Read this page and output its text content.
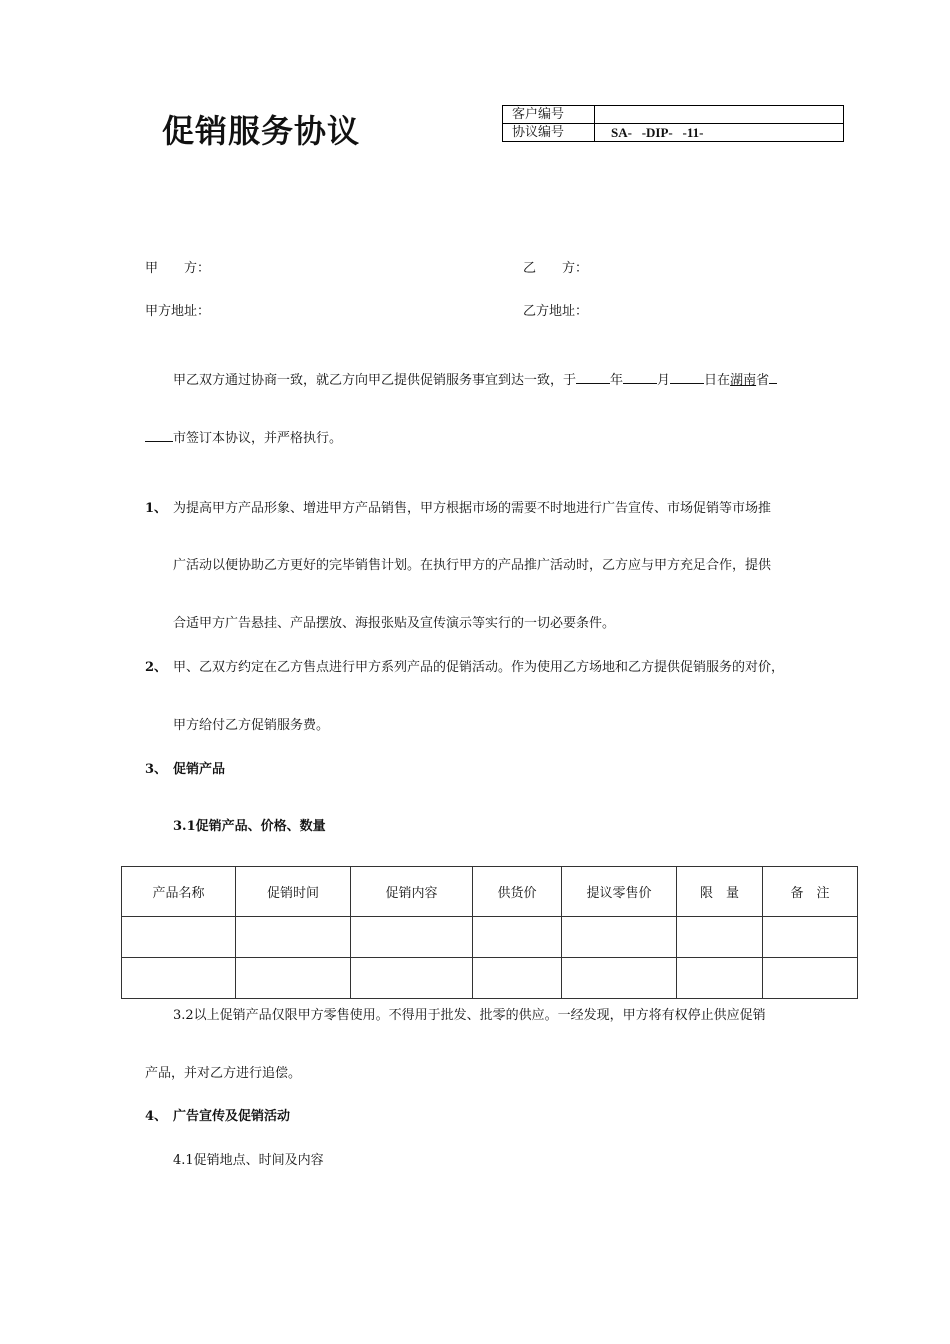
促销服务协议	客户编号	
协议编号	SA-   -DIP-   -11-
甲　　方：	乙　　方：
甲方地址：	乙方地址：
甲乙双方通过协商一致，就乙方向甲乙提供促销服务事宜到达一致，于	年	月	日在湖南省
市签订本协议，并严格执行。
1、 为提高甲方产品形象、增进甲方产品销售，甲方根据市场的需要不时地进行广告宣传、市场促销等市场推
广活动以便协助乙方更好的完毕销售计划。在执行甲方的产品推广活动时，乙方应与甲方充足合作，提供
合适甲方广告悬挂、产品摆放、海报张贴及宣传演示等实行的一切必要条件。
2、 甲、乙双方约定在乙方售点进行甲方系列产品的促销活动。作为使用乙方场地和乙方提供促销服务的对价，
甲方给付乙方促销服务费。
3、 促销产品
3.1促销产品、价格、数量
产品名称	促销时间	促销内容	供货价	提议零售价	限　量	备　注

3.2以上促销产品仅限甲方零售使用。不得用于批发、批零的供应。一经发现，甲方将有权停止供应促销
产品，并对乙方进行追偿。
4、 广告宣传及促销活动
4.1促销地点、时间及内容
